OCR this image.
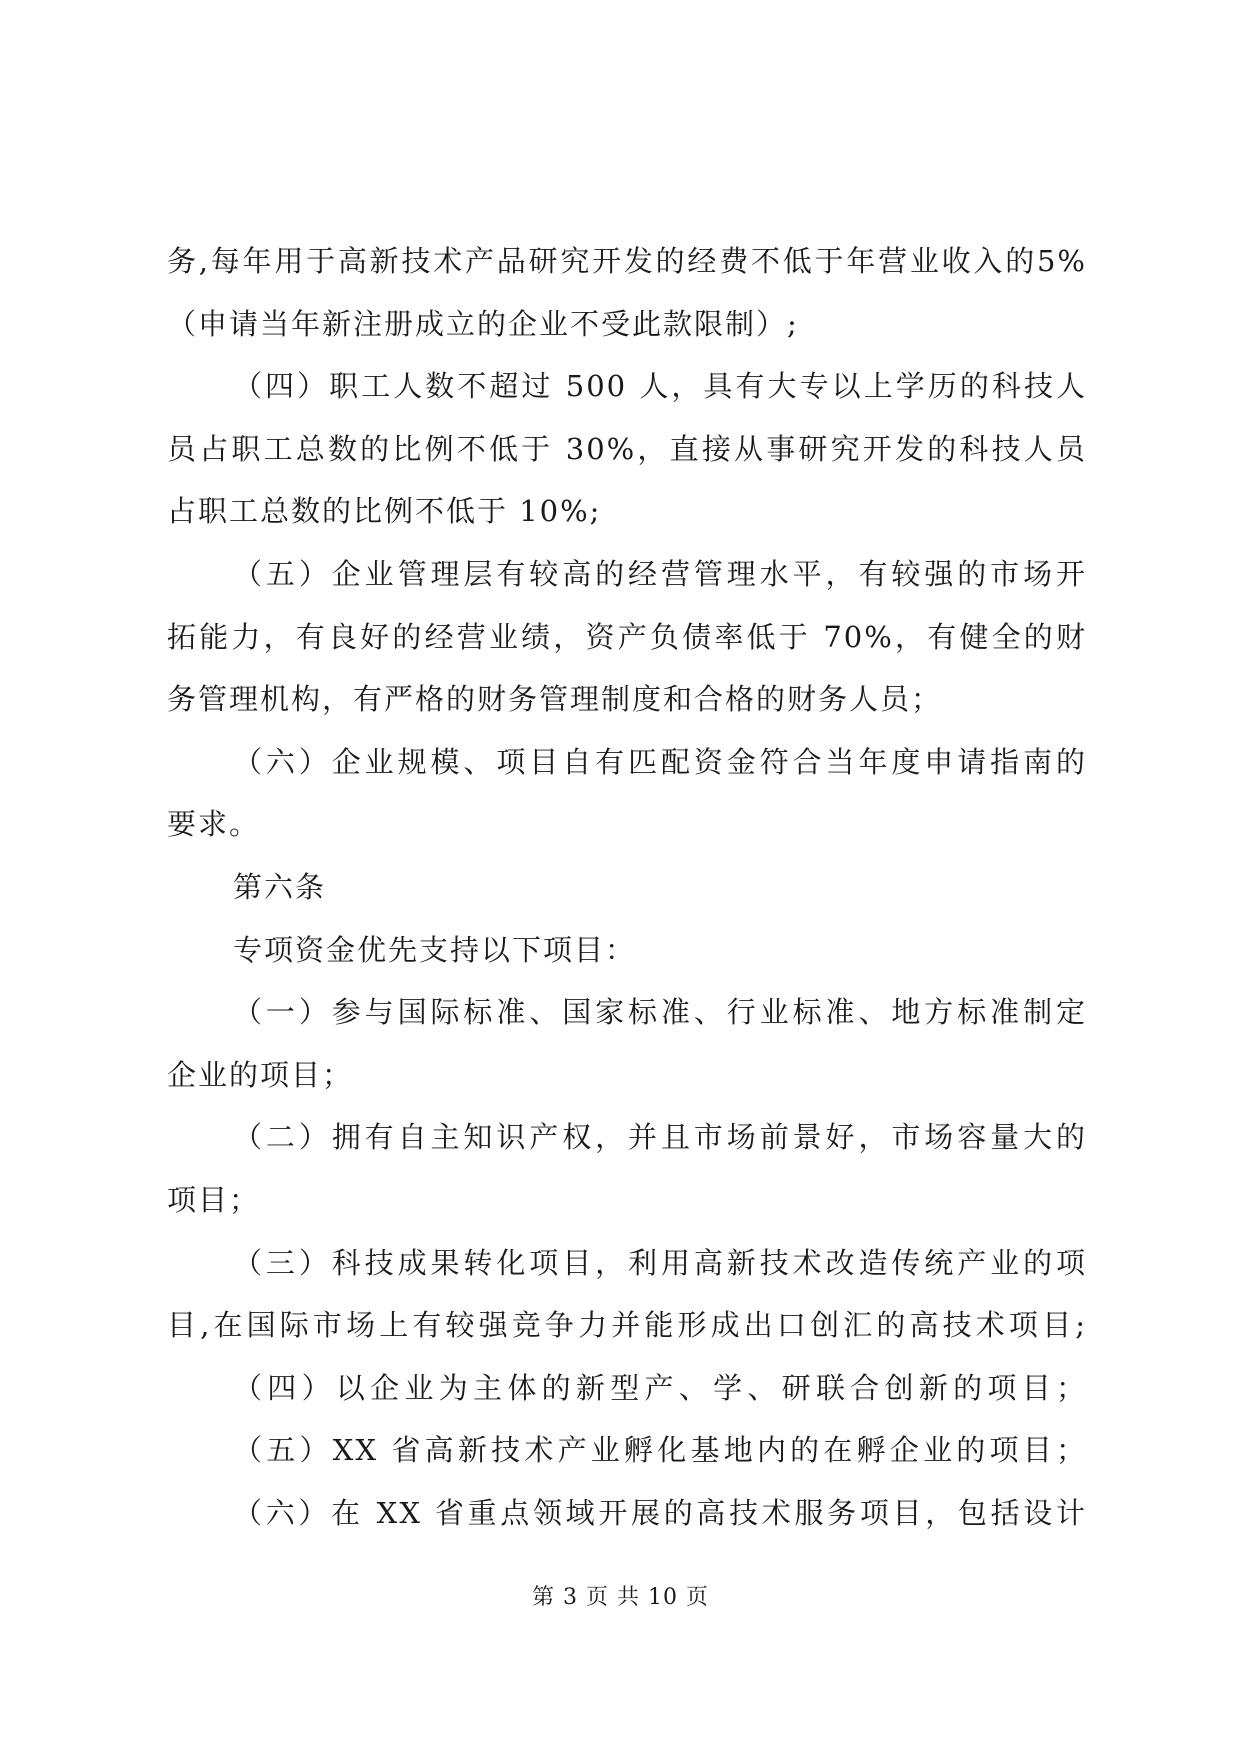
务,每年用于高新技术产品研究开发的经费不低于年营业收入的5%
（申请当年新注册成立的企业不受此款限制）;
（四）职工人数不超过 500 人，具有大专以上学历的科技人
员占职工总数的比例不低于 30%，直接从事研究开发的科技人员
占职工总数的比例不低于 10%;
（五）企业管理层有较高的经营管理水平，有较强的市场开
拓能力，有良好的经营业绩，资产负债率低于 70%，有健全的财
务管理机构，有严格的财务管理制度和合格的财务人员；
（六）企业规模、项目自有匹配资金符合当年度申请指南的
要求。
第六条
专项资金优先支持以下项目：
（一）参与国际标准、国家标准、行业标准、地方标准制定
企业的项目；
（二）拥有自主知识产权，并且市场前景好，市场容量大的
项目；
（三）科技成果转化项目，利用高新技术改造传统产业的项
目,在国际市场上有较强竞争力并能形成出口创汇的高技术项目;
（四）以企业为主体的新型产、学、研联合创新的项目；
（五）XX 省高新技术产业孵化基地内的在孵企业的项目；
（六）在 XX 省重点领域开展的高技术服务项目，包括设计
第 3 页 共 10 页
